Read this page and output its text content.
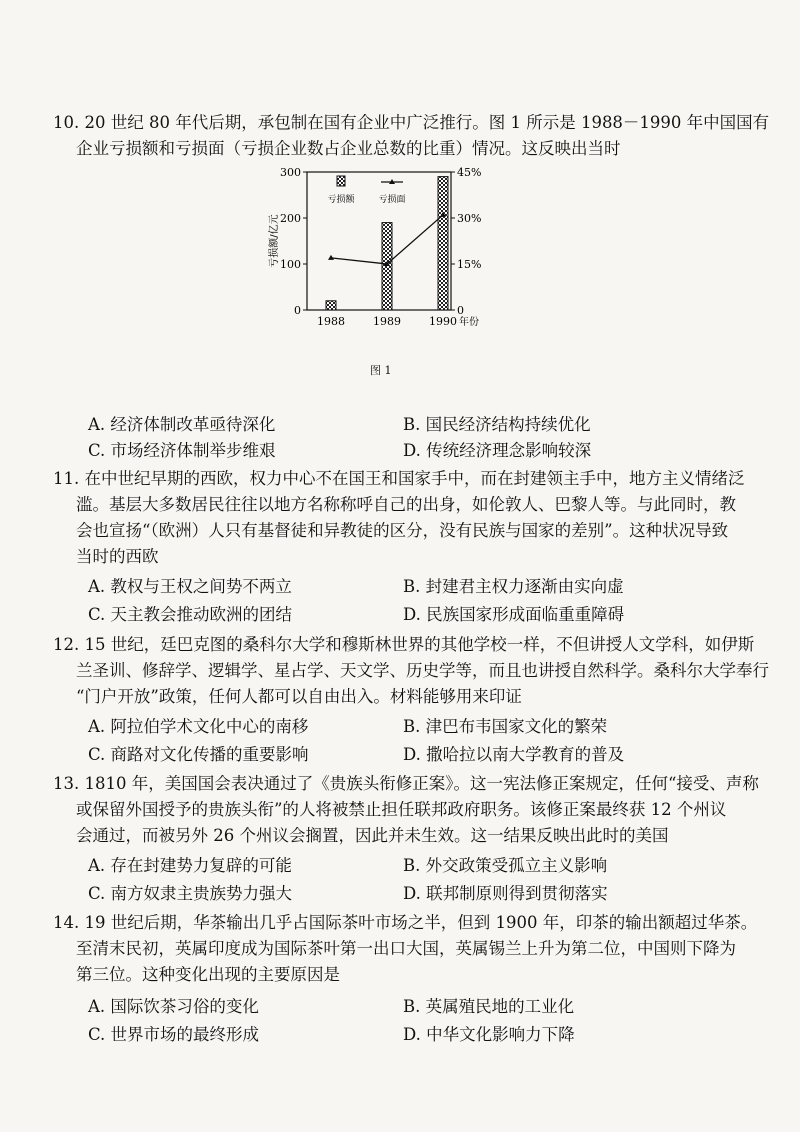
10. 20 世纪 80 年代后期，承包制在国有企业中广泛推行。图 1 所示是 1988－1990 年中国国有
企业亏损额和亏损面（亏损企业数占企业总数的比重）情况。这反映出当时
0
100
200
300
0
15%
30%
45%
亏损额/亿元
1988	1989	1990 年份
亏损额	亏损面
图 1
A. 经济体制改革亟待深化	B. 国民经济结构持续优化
C. 市场经济体制举步维艰	D. 传统经济理念影响较深
11. 在中世纪早期的西欧，权力中心不在国王和国家手中，而在封建领主手中，地方主义情绪泛
滥。基层大多数居民往往以地方名称称呼自己的出身，如伦敦人、巴黎人等。与此同时，教
会也宣扬“（欧洲）人只有基督徒和异教徒的区分，没有民族与国家的差别”。这种状况导致
当时的西欧
A. 教权与王权之间势不两立	B. 封建君主权力逐渐由实向虚
C. 天主教会推动欧洲的团结	D. 民族国家形成面临重重障碍
12. 15 世纪，廷巴克图的桑科尔大学和穆斯林世界的其他学校一样，不但讲授人文学科，如伊斯
兰圣训、修辞学、逻辑学、星占学、天文学、历史学等，而且也讲授自然科学。桑科尔大学奉行
“门户开放”政策，任何人都可以自由出入。材料能够用来印证
A. 阿拉伯学术文化中心的南移	B. 津巴布韦国家文化的繁荣
C. 商路对文化传播的重要影响	D. 撒哈拉以南大学教育的普及
13. 1810 年，美国国会表决通过了《贵族头衔修正案》。这一宪法修正案规定，任何“接受、声称
或保留外国授予的贵族头衔”的人将被禁止担任联邦政府职务。该修正案最终获 12 个州议
会通过，而被另外 26 个州议会搁置，因此并未生效。这一结果反映出此时的美国
A. 存在封建势力复辟的可能	B. 外交政策受孤立主义影响
C. 南方奴隶主贵族势力强大	D. 联邦制原则得到贯彻落实
14. 19 世纪后期，华茶输出几乎占国际茶叶市场之半，但到 1900 年，印茶的输出额超过华茶。
至清末民初，英属印度成为国际茶叶第一出口大国，英属锡兰上升为第二位，中国则下降为
第三位。这种变化出现的主要原因是
A. 国际饮茶习俗的变化	B. 英属殖民地的工业化
C. 世界市场的最终形成	D. 中华文化影响力下降
